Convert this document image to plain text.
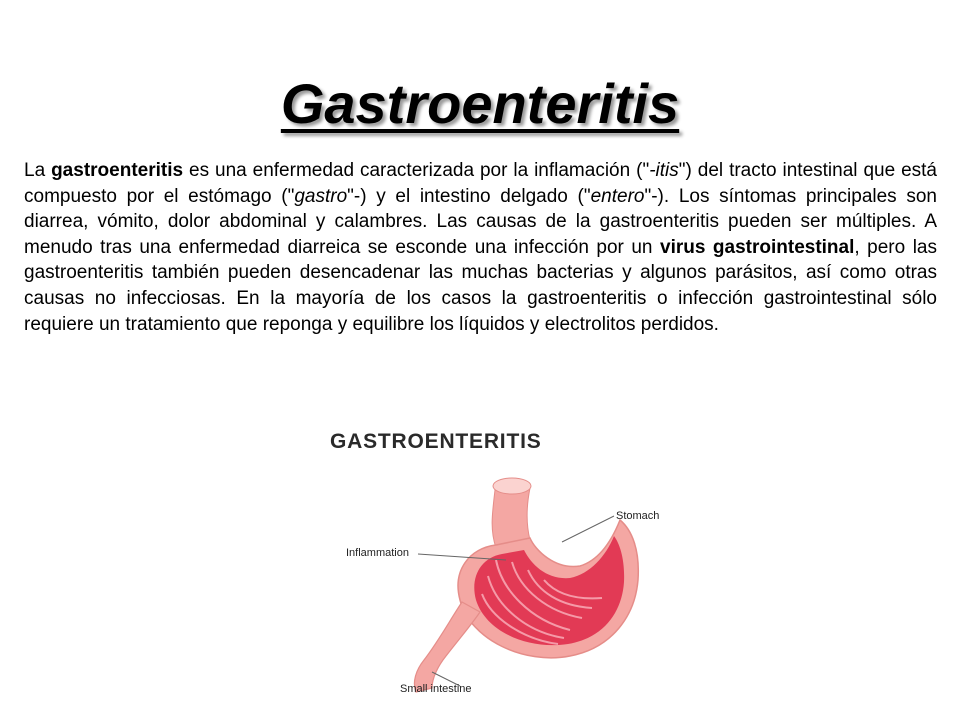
Gastroenteritis

La gastroenteritis es una enfermedad caracterizada por la inflamación ("-itis") del tracto intestinal que está compuesto por el estómago ("gastro"-) y el intestino delgado ("entero"-). Los síntomas principales son diarrea, vómito, dolor abdominal y calambres. Las causas de la gastroenteritis pueden ser múltiples. A menudo tras una enfermedad diarreica se esconde una infección por un virus gastrointestinal, pero las gastroenteritis también pueden desencadenar las muchas bacterias y algunos parásitos, así como otras causas no infecciosas. En la mayoría de los casos la gastroenteritis o infección gastrointestinal sólo requiere un tratamiento que reponga y equilibre los líquidos y electrolitos perdidos.

GASTROENTERITIS

Stomach
Inflammation
Small intestine
